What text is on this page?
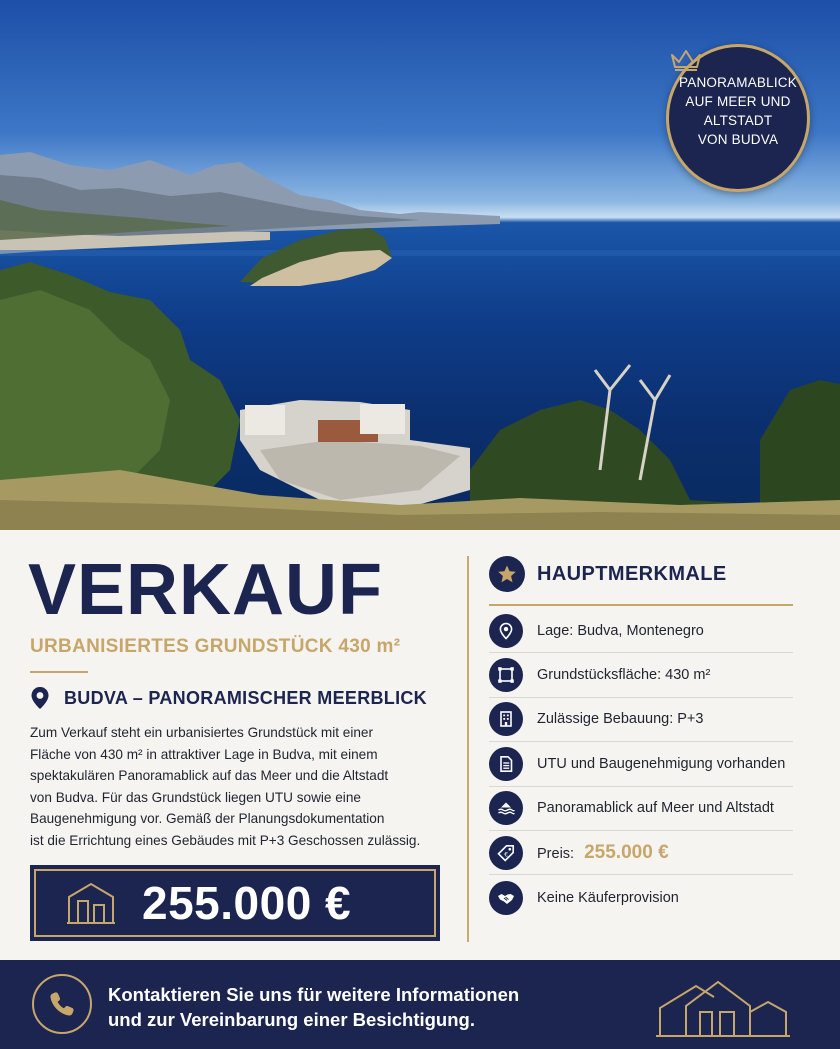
PANORAMABLICK
AUF MEER UND
ALTSTADT
VON BUDVA
VERKAUF
URBANISIERTES GRUNDSTÜCK 430 m²
BUDVA – PANORAMISCHER MEERBLICK
Zum Verkauf steht ein urbanisiertes Grundstück mit einer
Fläche von 430 m² in attraktiver Lage in Budva, mit einem
spektakulären Panoramablick auf das Meer und die Altstadt
von Budva. Für das Grundstück liegen UTU sowie eine
Baugenehmigung vor. Gemäß der Planungsdokumentation
ist die Errichtung eines Gebäudes mit P+3 Geschossen zulässig.
255.000 €
HAUPTMERKMALE
Lage: Budva, Montenegro
Grundstücksfläche: 430 m²
Zulässige Bebauung: P+3
UTU und Baugenehmigung vorhanden
Panoramablick auf Meer und Altstadt
€ Preis: 255.000 €
Keine Käuferprovision
Kontaktieren Sie uns für weitere Informationen
und zur Vereinbarung einer Besichtigung.
